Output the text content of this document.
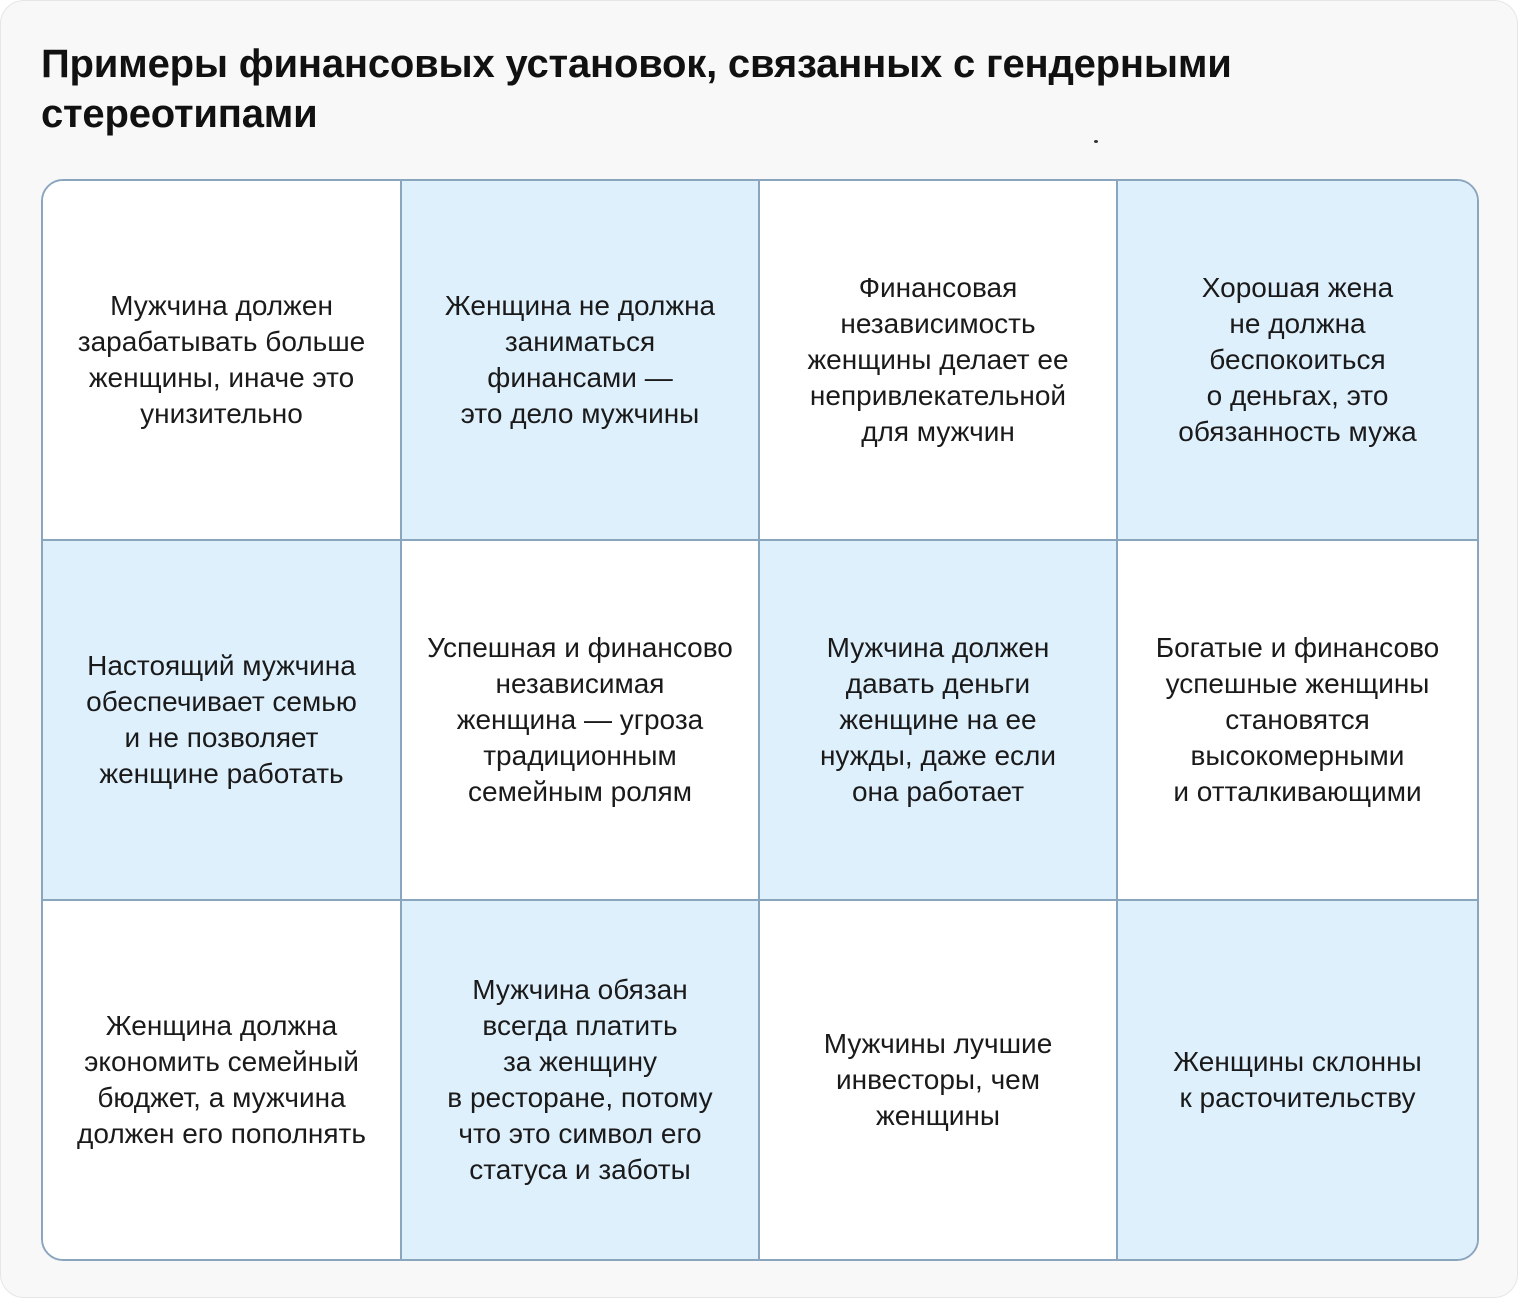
Примеры финансовых установок, связанных с гендерными стереотипами
Мужчина должен
зарабатывать больше
женщины, иначе это
унизительно
Женщина не должна
заниматься
финансами —
это дело мужчины
Финансовая
независимость
женщины делает ее
непривлекательной
для мужчин
Хорошая жена
не должна
беспокоиться
о деньгах, это
обязанность мужа
Настоящий мужчина
обеспечивает семью
и не позволяет
женщине работать
Успешная и финансово
независимая
женщина — угроза
традиционным
семейным ролям
Мужчина должен
давать деньги
женщине на ее
нужды, даже если
она работает
Богатые и финансово
успешные женщины
становятся
высокомерными
и отталкивающими
Женщина должна
экономить семейный
бюджет, а мужчина
должен его пополнять
Мужчина обязан
всегда платить
за женщину
в ресторане, потому
что это символ его
статуса и заботы
Мужчины лучшие
инвесторы, чем
женщины
Женщины склонны
к расточительству
